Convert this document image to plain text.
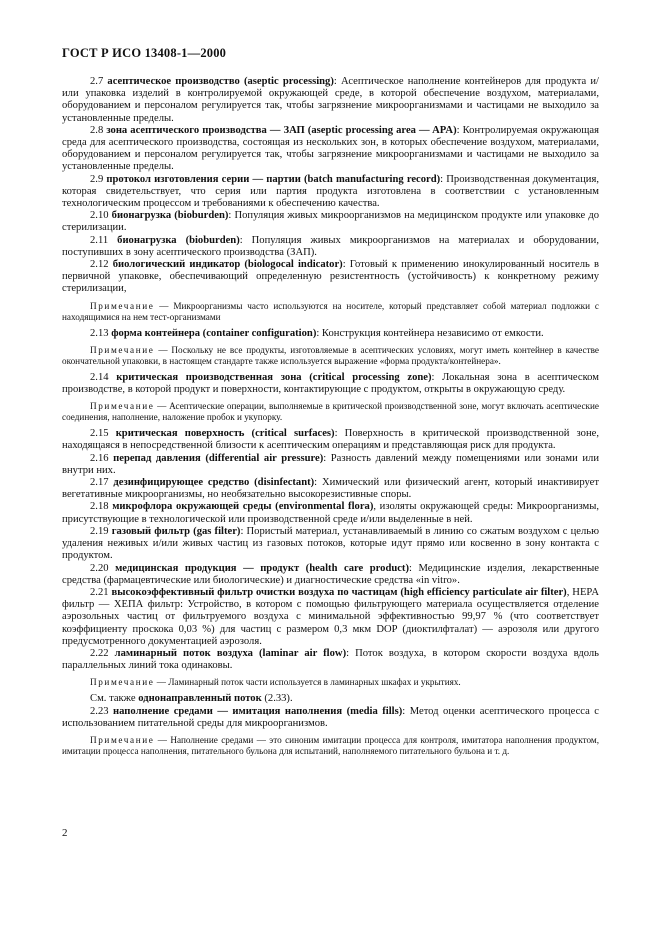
ГОСТ Р ИСО 13408-1—2000

2.7 асептическое производство (aseptic processing): Асептическое наполнение контейнеров для продукта и/или упаковка изделий в контролируемой окружающей среде, в которой обеспечение воздухом, материалами, оборудованием и персоналом регулируется так, чтобы загрязнение микроорганизмами и частицами не выходило за установленные пределы.

2.8 зона асептического производства — ЗАП (aseptic processing area — APA): Контролируемая окружающая среда для асептического производства, состоящая из нескольких зон, в которых обеспечение воздухом, материалами, оборудованием и персоналом регулируется так, чтобы загрязнение микроорганизмами и частицами не выходило за установленные пределы.

2.9 протокол изготовления серии — партии (batch manufacturing record): Производственная документация, которая свидетельствует, что серия или партия продукта изготовлена в соответствии с установленным технологическим процессом и требованиями к обеспечению качества.

2.10 бионагрузка (bioburden): Популяция живых микроорганизмов на медицинском продукте или упаковке до стерилизации.

2.11 бионагрузка (bioburden): Популяция живых микроорганизмов на материалах и оборудовании, поступивших в зону асептического производства (ЗАП).

2.12 биологический индикатор (biologocal indicator): Готовый к применению инокулированный носитель в первичной упаковке, обеспечивающий определенную резистентность (устойчивость) к конкретному режиму стерилизации,

Примечание — Микроорганизмы часто используются на носителе, который представляет собой материал подложки с находящимися на нем тест-организмами

2.13 форма контейнера (container configuration): Конструкция контейнера независимо от емкости.

Примечание — Поскольку не все продукты, изготовляемые в асептических условиях, могут иметь контейнер в качестве окончательной упаковки, в настоящем стандарте также используется выражение «форма продукта/контейнера».

2.14 критическая производственная зона (critical processing zone): Локальная зона в асептическом производстве, в которой продукт и поверхности, контактирующие с продуктом, открыты в окружающую среду.

Примечание — Асептические операции, выполняемые в критической производственной зоне, могут включать асептические соединения, наполнение, наложение пробок и укупорку.

2.15 критическая поверхность (critical surfaces): Поверхность в критической производственной зоне, находящаяся в непосредственной близости к асептическим операциям и представляющая риск для продукта.

2.16 перепад давления (differential air pressure): Разность давлений между помещениями или зонами или внутри них.

2.17 дезинфицирующее средство (disinfectant): Химический или физический агент, который инактивирует вегетативные микроорганизмы, но необязательно высокорезистивные споры.

2.18 микрофлора окружающей среды (environmental flora), изоляты окружающей среды: Микроорганизмы, присутствующие в технологической или производственной среде и/или выделенные в ней.

2.19 газовый фильтр (gas filter): Пористый материал, устанавливаемый в линию со сжатым воздухом с целью удаления неживых и/или живых частиц из газовых потоков, которые идут прямо или косвенно в зону контакта с продуктом.

2.20 медицинская продукция — продукт (health care product): Медицинские изделия, лекарственные средства (фармацевтические или биологические) и диагностические средства «in vitro».

2.21 высокоэффективный фильтр очистки воздуха по частицам (high efficiency particulate air filter), HEPA фильтр — ХЕПА фильтр: Устройство, в котором с помощью фильтрующего материала осуществляется отделение аэрозольных частиц от фильтруемого воздуха с минимальной эффективностью 99,97 % (что соответствует коэффициенту проскока 0,03 %) для частиц с размером 0,3 мкм DOP (диоктилфталат) — аэрозоля или другого предусмотренного документацией аэрозоля.

2.22 ламинарный поток воздуха (laminar air flow): Поток воздуха, в котором скорости воздуха вдоль параллельных линий тока одинаковы.

Примечание — Ламинарный поток части используется в ламинарных шкафах и укрытиях.

См. также однонаправленный поток (2.33).

2.23 наполнение средами — имитация наполнения (media fills): Метод оценки асептического процесса с использованием питательной среды для микроорганизмов.

Примечание — Наполнение средами — это синоним имитации процесса для контроля, имитатора наполнения продуктом, имитации процесса наполнения, питательного бульона для испытаний, наполняемого питательного бульона и т. д.

2
